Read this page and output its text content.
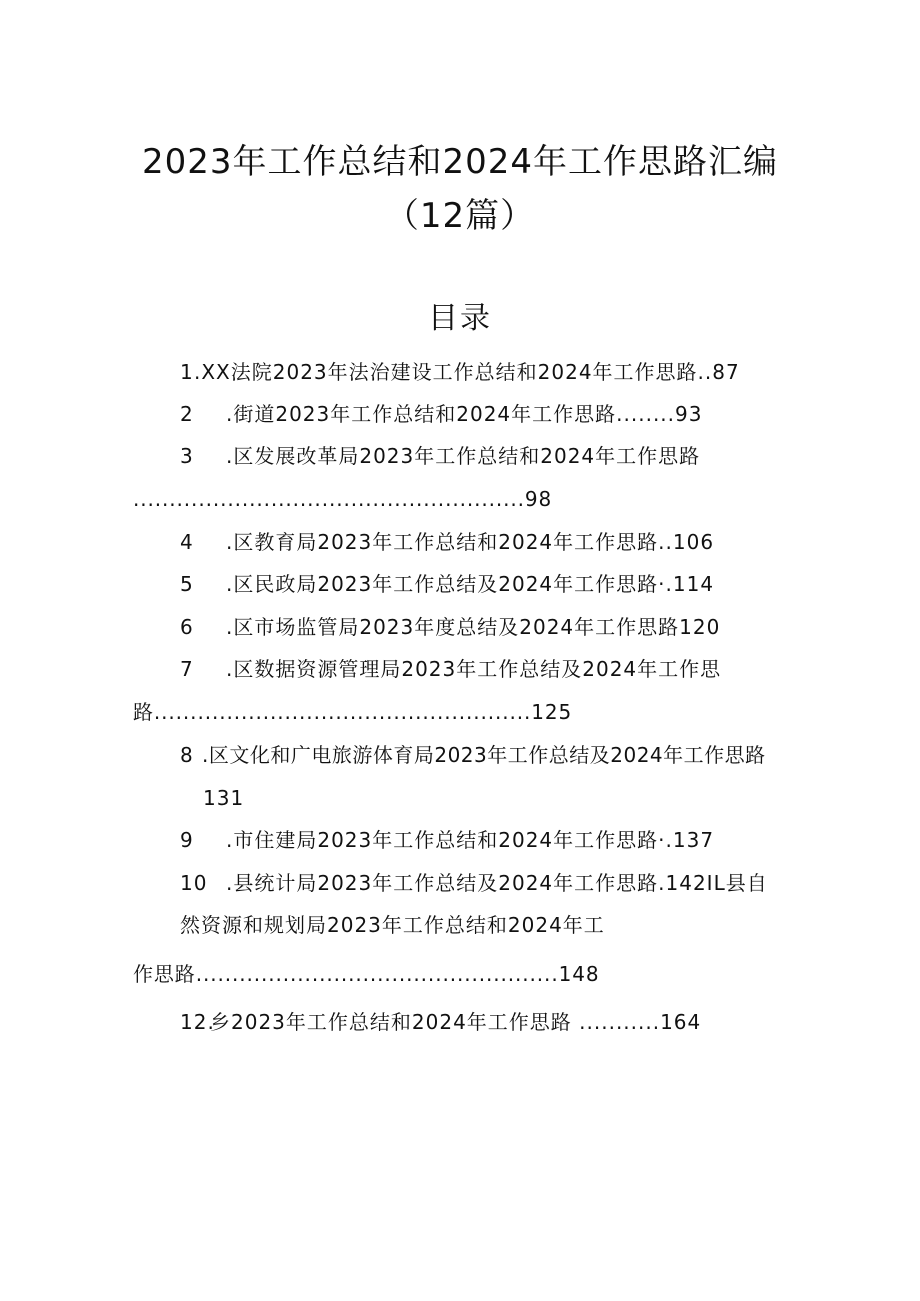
2023年工作总结和2024年工作思路汇编
（12篇）
目录
1.XX法院2023年法治建设工作总结和2024年工作思路..87
2 .街道2023年工作总结和2024年工作思路........93
3 .区发展改革局2023年工作总结和2024年工作思路
......................................................98
4 .区教育局2023年工作总结和2024年工作思路..106
5 .区民政局2023年工作总结及2024年工作思路·.114
6 .区市场监管局2023年度总结及2024年工作思路120
7 .区数据资源管理局2023年工作总结及2024年工作思
路....................................................125
8 .区文化和广电旅游体育局2023年工作总结及2024年工作思路
131
9 .市住建局2023年工作总结和2024年工作思路·.137
10 .县统计局2023年工作总结及2024年工作思路.142IL县自
然资源和规划局2023年工作总结和2024年工
作思路..................................................148
12.乡2023年工作总结和2024年工作思路 ...........164
